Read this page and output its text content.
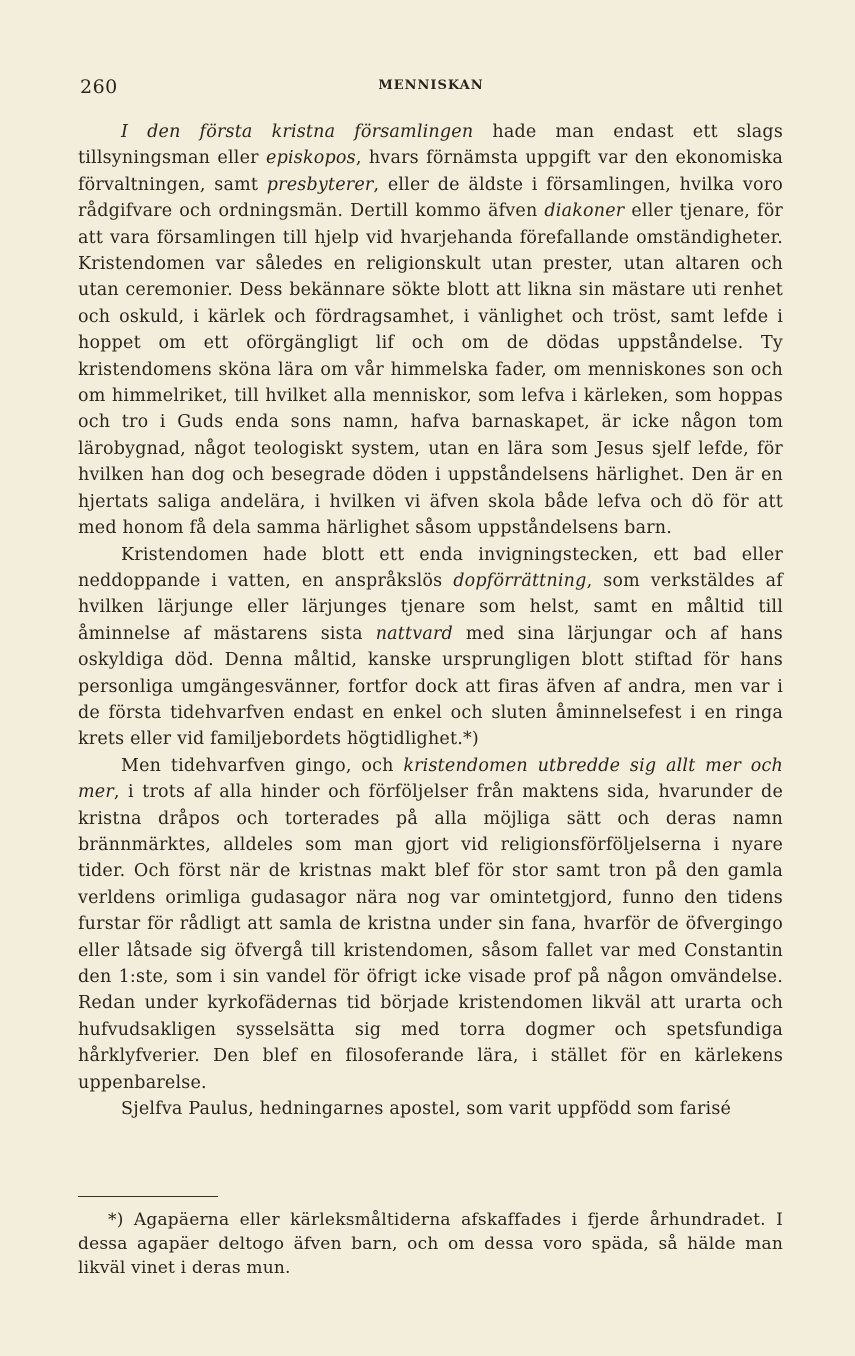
260	MENNISKAN

I den första kristna församlingen hade man endast ett slags tillsyningsman eller episkopos, hvars förnämsta uppgift var den ekonomiska förvaltningen, samt presbyterer, eller de äldste i församlingen, hvilka voro rådgifvare och ordningsmän. Dertill kommo äfven diakoner eller tjenare, för att vara församlingen till hjelp vid hvarjehanda förefallande omständigheter. Kristendomen var således en religionskult utan prester, utan altaren och utan ceremonier. Dess bekännare sökte blott att likna sin mästare uti renhet och oskuld, i kärlek och fördragsamhet, i vänlighet och tröst, samt lefde i hoppet om ett oförgängligt lif och om de dödas uppståndelse. Ty kristendomens sköna lära om vår himmelska fader, om menniskones son och om himmelriket, till hvilket alla menniskor, som lefva i kärleken, som hoppas och tro i Guds enda sons namn, hafva barnaskapet, är icke någon tom lärobygnad, något teologiskt system, utan en lära som Jesus sjelf lefde, för hvilken han dog och besegrade döden i uppståndelsens härlighet. Den är en hjertats saliga andelära, i hvilken vi äfven skola både lefva och dö för att med honom få dela samma härlighet såsom uppståndelsens barn.

Kristendomen hade blott ett enda invigningstecken, ett bad eller neddoppande i vatten, en anspråkslös dopförrättning, som verkstäldes af hvilken lärjunge eller lärjunges tjenare som helst, samt en måltid till åminnelse af mästarens sista nattvard med sina lärjungar och af hans oskyldiga död. Denna måltid, kanske ursprungligen blott stiftad för hans personliga umgängesvänner, fortfor dock att firas äfven af andra, men var i de första tidehvarfven endast en enkel och sluten åminnelsefest i en ringa krets eller vid familjebordets högtidlighet.*)

Men tidehvarfven gingo, och kristendomen utbredde sig allt mer och mer, i trots af alla hinder och förföljelser från maktens sida, hvarunder de kristna dråpos och torterades på alla möjliga sätt och deras namn brännmärktes, alldeles som man gjort vid religionsförföljelserna i nyare tider. Och först när de kristnas makt blef för stor samt tron på den gamla verldens orimliga gudasagor nära nog var omintetgjord, funno den tidens furstar för rådligt att samla de kristna under sin fana, hvarför de öfvergingo eller låtsade sig öfvergå till kristendomen, såsom fallet var med Constantin den 1:ste, som i sin vandel för öfrigt icke visade prof på någon omvändelse. Redan under kyrkofädernas tid började kristendomen likväl att urarta och hufvudsakligen sysselsätta sig med torra dogmer och spetsfundiga hårklyfverier. Den blef en filosoferande lära, i stället för en kärlekens uppenbarelse.

Sjelfva Paulus, hedningarnes apostel, som varit uppfödd som farisé

*) Agapäerna eller kärleksmåltiderna afskaffades i fjerde århundradet. I dessa agapäer deltogo äfven barn, och om dessa voro späda, så hälde man likväl vinet i deras mun.
